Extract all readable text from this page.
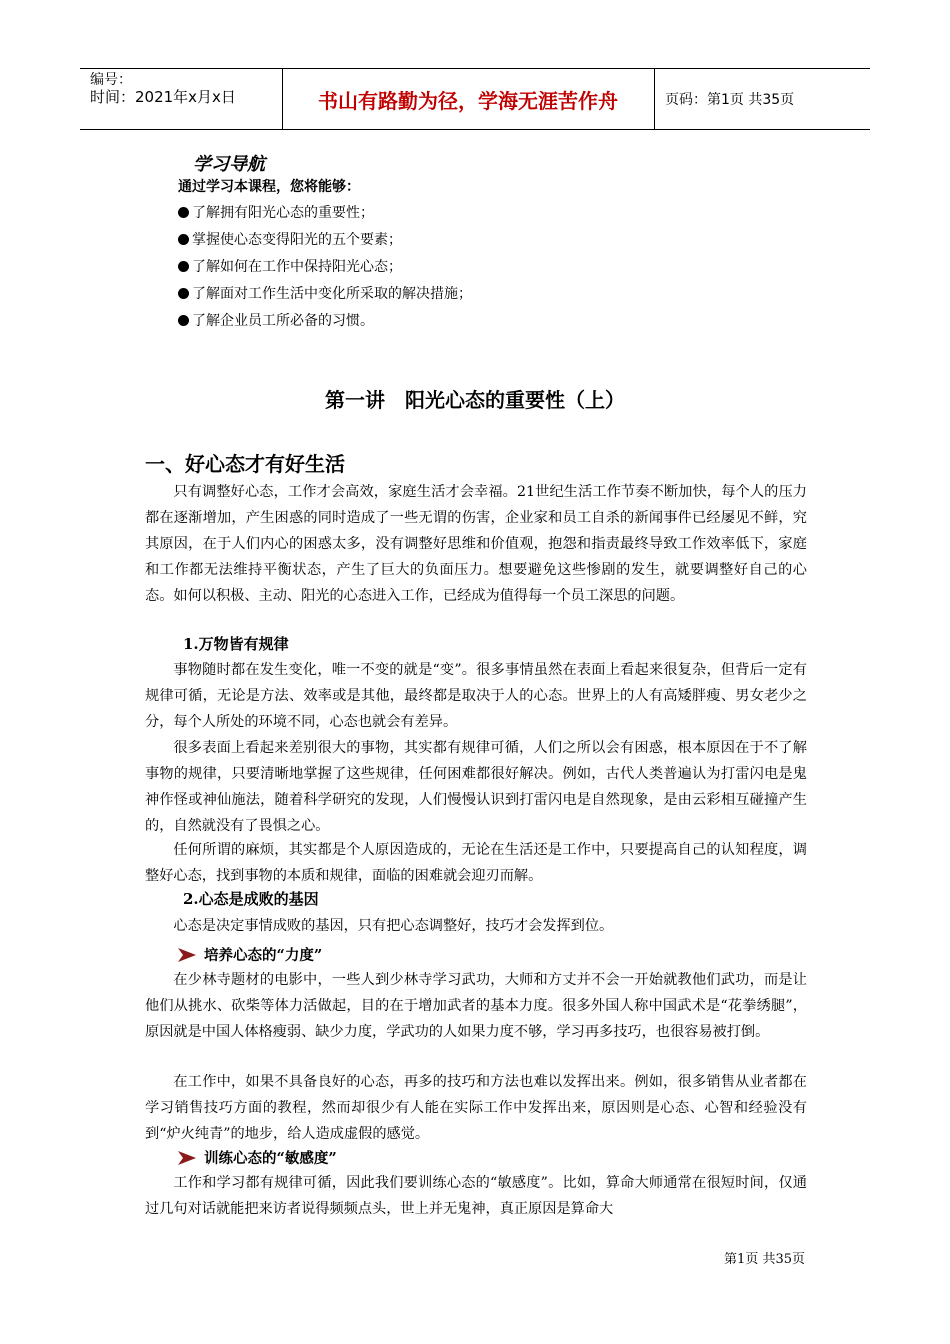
编号：
时间：2021年x月x日	书山有路勤为径，学海无涯苦作舟	页码：第1页 共35页
学习导航
通过学习本课程，您将能够：
了解拥有阳光心态的重要性；
掌握使心态变得阳光的五个要素；
了解如何在工作中保持阳光心态；
了解面对工作生活中变化所采取的解决措施；
了解企业员工所必备的习惯。
第一讲　阳光心态的重要性（上）
一、好心态才有好生活

只有调整好心态，工作才会高效，家庭生活才会幸福。21世纪生活工作节奏不断加快，每个人的压力都在逐渐增加，产生困惑的同时造成了一些无谓的伤害，企业家和员工自杀的新闻事件已经屡见不鲜，究其原因，在于人们内心的困惑太多，没有调整好思维和价值观，抱怨和指责最终导致工作效率低下，家庭和工作都无法维持平衡状态，产生了巨大的负面压力。想要避免这些惨剧的发生，就要调整好自己的心态。如何以积极、主动、阳光的心态进入工作，已经成为值得每一个员工深思的问题。

1.万物皆有规律

事物随时都在发生变化，唯一不变的就是“变”。很多事情虽然在表面上看起来很复杂，但背后一定有规律可循，无论是方法、效率或是其他，最终都是取决于人的心态。世界上的人有高矮胖瘦、男女老少之分，每个人所处的环境不同，心态也就会有差异。

很多表面上看起来差别很大的事物，其实都有规律可循，人们之所以会有困惑，根本原因在于不了解事物的规律，只要清晰地掌握了这些规律，任何困难都很好解决。例如，古代人类普遍认为打雷闪电是鬼神作怪或神仙施法，随着科学研究的发现，人们慢慢认识到打雷闪电是自然现象，是由云彩相互碰撞产生的，自然就没有了畏惧之心。

任何所谓的麻烦，其实都是个人原因造成的，无论在生活还是工作中，只要提高自己的认知程度，调整好心态，找到事物的本质和规律，面临的困难就会迎刃而解。

2.心态是成败的基因

心态是决定事情成败的基因，只有把心态调整好，技巧才会发挥到位。

培养心态的“力度”

在少林寺题材的电影中，一些人到少林寺学习武功，大师和方丈并不会一开始就教他们武功，而是让他们从挑水、砍柴等体力活做起，目的在于增加武者的基本力度。很多外国人称中国武术是“花拳绣腿”，原因就是中国人体格瘦弱、缺少力度，学武功的人如果力度不够，学习再多技巧，也很容易被打倒。

在工作中，如果不具备良好的心态，再多的技巧和方法也难以发挥出来。例如，很多销售从业者都在学习销售技巧方面的教程，然而却很少有人能在实际工作中发挥出来，原因则是心态、心智和经验没有到“炉火纯青”的地步，给人造成虚假的感觉。

训练心态的“敏感度”

工作和学习都有规律可循，因此我们要训练心态的“敏感度”。比如，算命大师通常在很短时间，仅通过几句对话就能把来访者说得频频点头，世上并无鬼神，真正原因是算命大

第1页 共35页
